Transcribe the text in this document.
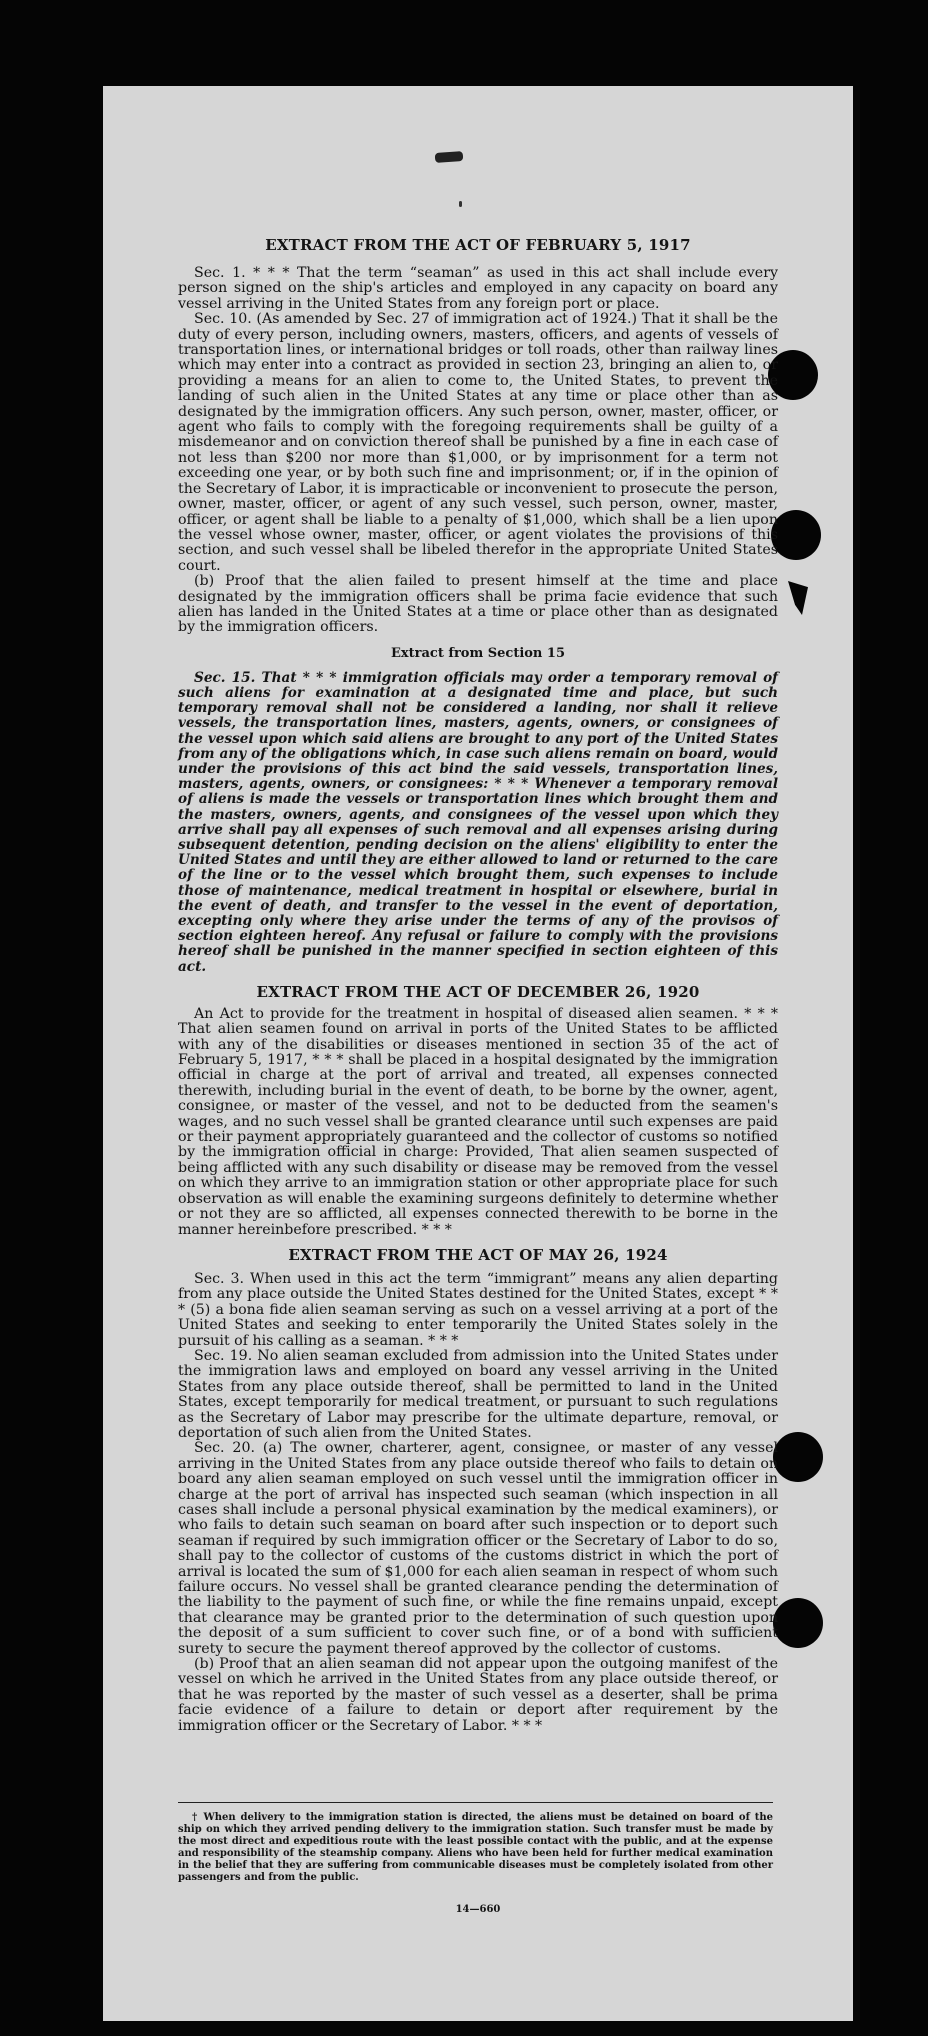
EXTRACT FROM THE ACT OF FEBRUARY 5, 1917

Sec. 1. * * * That the term “seaman” as used in this act shall include every person signed on the ship's articles and employed in any capacity on board any vessel arriving in the United States from any foreign port or place.

Sec. 10. (As amended by Sec. 27 of immigration act of 1924.) That it shall be the duty of every person, including owners, masters, officers, and agents of vessels of transportation lines, or international bridges or toll roads, other than railway lines which may enter into a contract as provided in section 23, bringing an alien to, or providing a means for an alien to come to, the United States, to prevent the landing of such alien in the United States at any time or place other than as designated by the immigration officers. Any such person, owner, master, officer, or agent who fails to comply with the foregoing requirements shall be guilty of a misdemeanor and on conviction thereof shall be punished by a fine in each case of not less than $200 nor more than $1,000, or by imprisonment for a term not exceeding one year, or by both such fine and imprisonment; or, if in the opinion of the Secretary of Labor, it is impracticable or inconvenient to prosecute the person, owner, master, officer, or agent of any such vessel, such person, owner, master, officer, or agent shall be liable to a penalty of $1,000, which shall be a lien upon the vessel whose owner, master, officer, or agent violates the provisions of this section, and such vessel shall be libeled therefor in the appropriate United States court.

(b) Proof that the alien failed to present himself at the time and place designated by the immigration officers shall be prima facie evidence that such alien has landed in the United States at a time or place other than as designated by the immigration officers.

Extract from Section 15

Sec. 15. That * * * immigration officials may order a temporary removal of such aliens for examination at a designated time and place, but such temporary removal shall not be considered a landing, nor shall it relieve vessels, the transportation lines, masters, agents, owners, or consignees of the vessel upon which said aliens are brought to any port of the United States from any of the obligations which, in case such aliens remain on board, would under the provisions of this act bind the said vessels, transportation lines, masters, agents, owners, or consignees: * * * Whenever a temporary removal of aliens is made the vessels or transportation lines which brought them and the masters, owners, agents, and consignees of the vessel upon which they arrive shall pay all expenses of such removal and all expenses arising during subsequent detention, pending decision on the aliens' eligibility to enter the United States and until they are either allowed to land or returned to the care of the line or to the vessel which brought them, such expenses to include those of maintenance, medical treatment in hospital or elsewhere, burial in the event of death, and transfer to the vessel in the event of deportation, excepting only where they arise under the terms of any of the provisos of section eighteen hereof. Any refusal or failure to comply with the provisions hereof shall be punished in the manner specified in section eighteen of this act.

EXTRACT FROM THE ACT OF DECEMBER 26, 1920

An Act to provide for the treatment in hospital of diseased alien seamen. * * * That alien seamen found on arrival in ports of the United States to be afflicted with any of the disabilities or diseases mentioned in section 35 of the act of February 5, 1917, * * * shall be placed in a hospital designated by the immigration official in charge at the port of arrival and treated, all expenses connected therewith, including burial in the event of death, to be borne by the owner, agent, consignee, or master of the vessel, and not to be deducted from the seamen's wages, and no such vessel shall be granted clearance until such expenses are paid or their payment appropriately guaranteed and the collector of customs so notified by the immigration official in charge: Provided, That alien seamen suspected of being afflicted with any such disability or disease may be removed from the vessel on which they arrive to an immigration station or other appropriate place for such observation as will enable the examining surgeons definitely to determine whether or not they are so afflicted, all expenses connected therewith to be borne in the manner hereinbefore prescribed. * * *

EXTRACT FROM THE ACT OF MAY 26, 1924

Sec. 3. When used in this act the term “immigrant” means any alien departing from any place outside the United States destined for the United States, except * * * (5) a bona fide alien seaman serving as such on a vessel arriving at a port of the United States and seeking to enter temporarily the United States solely in the pursuit of his calling as a seaman. * * *

Sec. 19. No alien seaman excluded from admission into the United States under the immigration laws and employed on board any vessel arriving in the United States from any place outside thereof, shall be permitted to land in the United States, except temporarily for medical treatment, or pursuant to such regulations as the Secretary of Labor may prescribe for the ultimate departure, removal, or deportation of such alien from the United States.

Sec. 20. (a) The owner, charterer, agent, consignee, or master of any vessel arriving in the United States from any place outside thereof who fails to detain on board any alien seaman employed on such vessel until the immigration officer in charge at the port of arrival has inspected such seaman (which inspection in all cases shall include a personal physical examination by the medical examiners), or who fails to detain such seaman on board after such inspection or to deport such seaman if required by such immigration officer or the Secretary of Labor to do so, shall pay to the collector of customs of the customs district in which the port of arrival is located the sum of $1,000 for each alien seaman in respect of whom such failure occurs. No vessel shall be granted clearance pending the determination of the liability to the payment of such fine, or while the fine remains unpaid, except that clearance may be granted prior to the determination of such question upon the deposit of a sum sufficient to cover such fine, or of a bond with sufficient surety to secure the payment thereof approved by the collector of customs.

(b) Proof that an alien seaman did not appear upon the outgoing manifest of the vessel on which he arrived in the United States from any place outside thereof, or that he was reported by the master of such vessel as a deserter, shall be prima facie evidence of a failure to detain or deport after requirement by the immigration officer or the Secretary of Labor. * * *

† When delivery to the immigration station is directed, the aliens must be detained on board of the ship on which they arrived pending delivery to the immigration station. Such transfer must be made by the most direct and expeditious route with the least possible contact with the public, and at the expense and responsibility of the steamship company. Aliens who have been held for further medical examination in the belief that they are suffering from communicable diseases must be completely isolated from other passengers and from the public.

14—660
